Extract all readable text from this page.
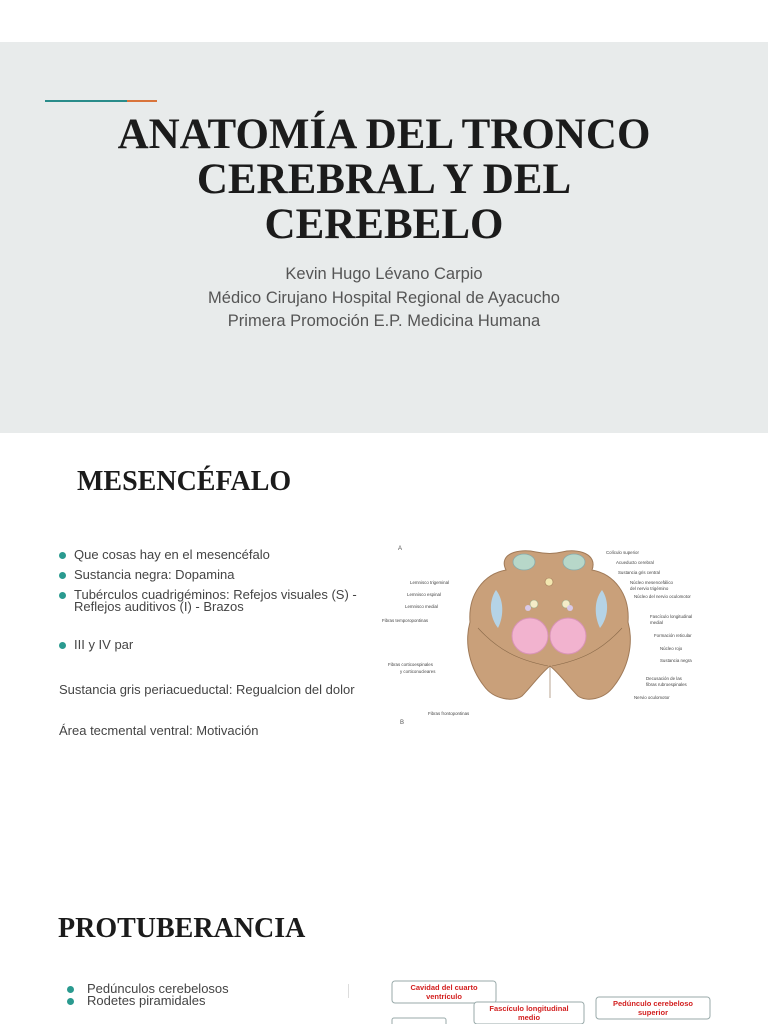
ANATOMÍA DEL TRONCO
CEREBRAL Y DEL
CEREBELO
Kevin Hugo Lévano Carpio
Médico Cirujano Hospital Regional de Ayacucho
Primera Promoción E.P. Medicina Humana
MESENCÉFALO
Que cosas hay en el mesencéfalo
Sustancia negra: Dopamina
Tubérculos cuadrigéminos: Refejos visuales (S) -
Reflejos auditivos (I) - Brazos
III y IV par
Sustancia gris periacueductal: Regualcion del dolor
Área tecmental ventral: Motivación
A
B
Lemnisco trigeminal
Lemnisco espinal
Lemnisco medial
Fibras temporopontinas
Fibras corticoespinales
y corticonucleares
Fibras frontopontinas
Colículo superior
Acueducto cerebral
Sustancia gris central
Núcleo mesencefálico
del nervio trigémino
Núcleo del nervio oculomotor
Fascículo longitudinal
medial
Formación reticular
Núcleo rojo
Sustancia negra
Decusación de las
fibras rubroespinales
Nervio oculomotor
PROTUBERANCIA
Pedúnculos cerebelosos
Rodetes piramidales
Cavidad del cuarto
ventrículo
Fascículo longitudinal
medio
Pedúnculo cerebeloso
superior
